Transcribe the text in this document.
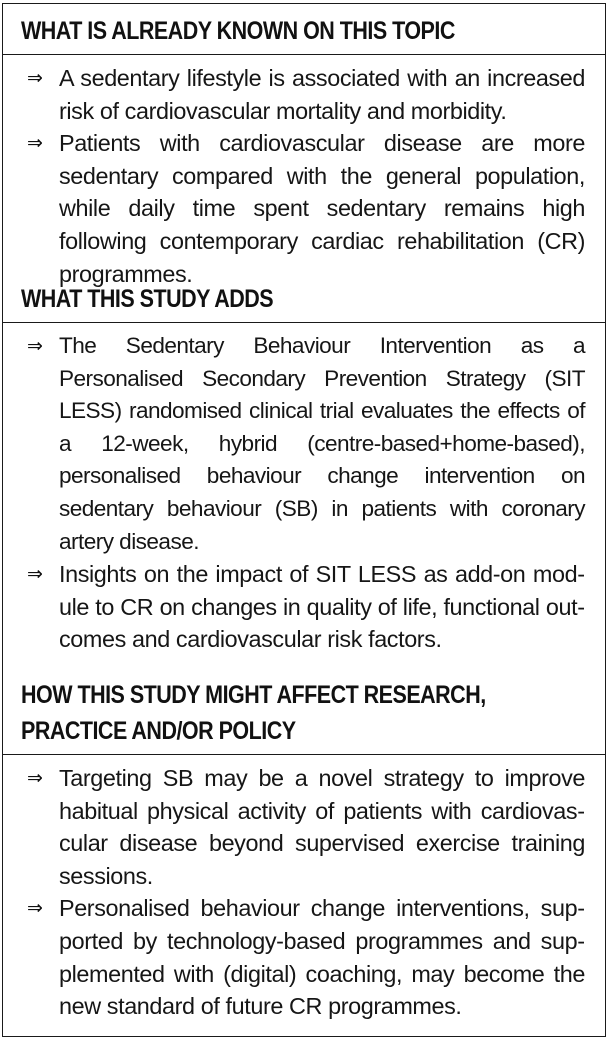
WHAT IS ALREADY KNOWN ON THIS TOPIC
⇒ A sedentary lifestyle is associated with an increased risk of cardiovascular mortality and morbidity.
⇒ Patients with cardiovascular disease are more sedentary compared with the general population, while daily time spent sedentary remains high following contemporary cardiac rehabilitation (CR) programmes.
WHAT THIS STUDY ADDS
⇒ The Sedentary Behaviour Intervention as a Personalised Secondary Prevention Strategy (SIT LESS) randomised clinical trial evaluates the effects of a 12-week, hybrid (centre-based+home-based), personalised behaviour change intervention on sedentary behaviour (SB) in patients with coronary artery disease.
⇒ Insights on the impact of SIT LESS as add-on module to CR on changes in quality of life, functional outcomes and cardiovascular risk factors.
HOW THIS STUDY MIGHT AFFECT RESEARCH,
PRACTICE AND/OR POLICY
⇒ Targeting SB may be a novel strategy to improve habitual physical activity of patients with cardiovascular disease beyond supervised exercise training sessions.
⇒ Personalised behaviour change interventions, supported by technology-based programmes and supplemented with (digital) coaching, may become the new standard of future CR programmes.
